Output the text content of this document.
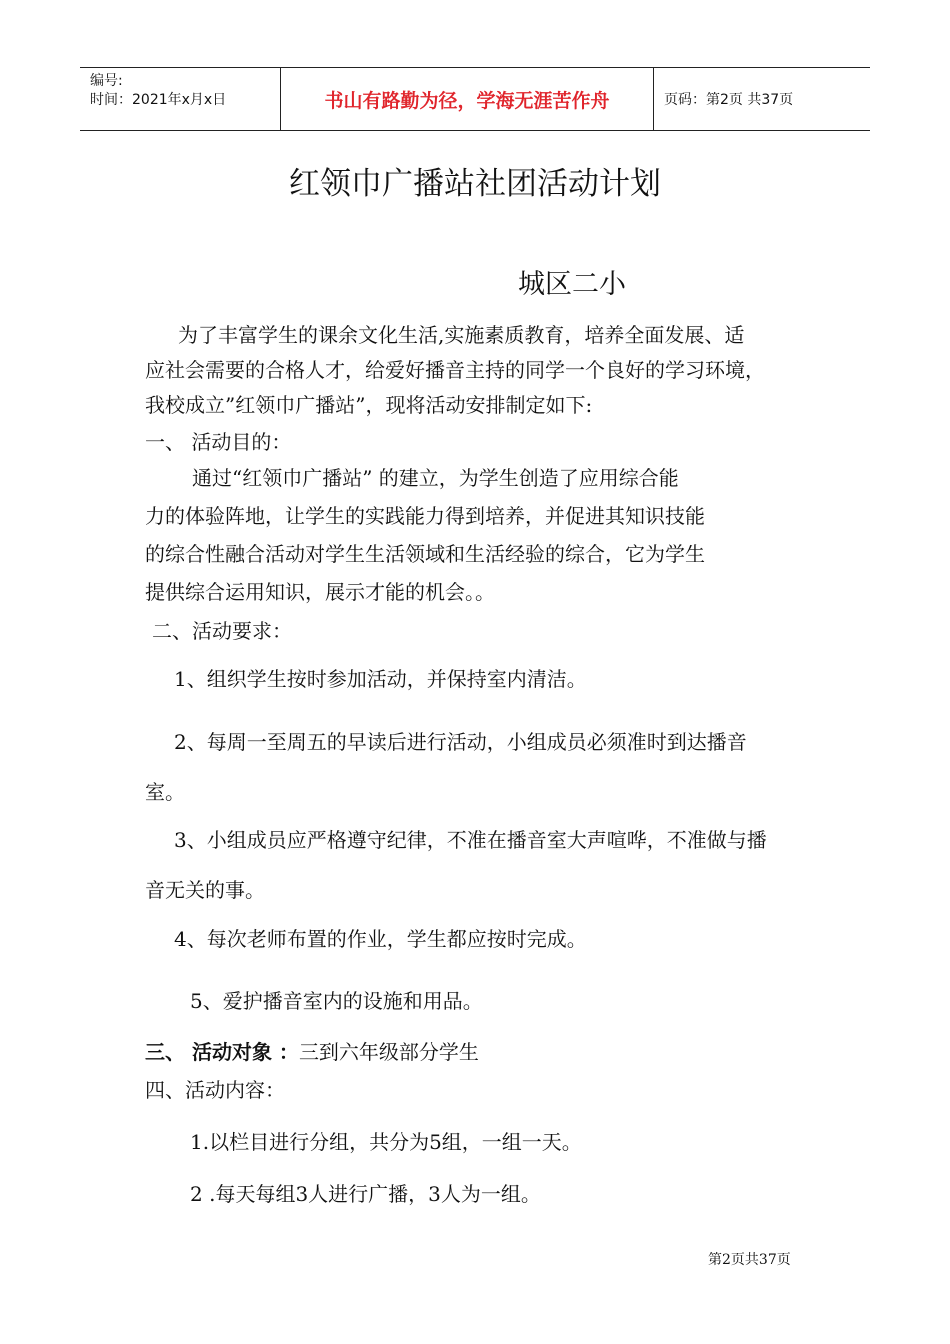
编号:
时间：2021年x月x日	书山有路勤为径，学海无涯苦作舟	页码：第2页 共37页
红领巾广播站社团活动计划
城区二小
为了丰富学生的课余文化生活,实施素质教育，培养全面发展、适
应社会需要的合格人才，给爱好播音主持的同学一个良好的学习环境，
我校成立”红领巾广播站”，现将活动安排制定如下:
一、 活动目的：
通过“红领巾广播站” 的建立，为学生创造了应用综合能
力的体验阵地，让学生的实践能力得到培养，并促进其知识技能
的综合性融合活动对学生生活领域和生活经验的综合，它为学生
提供综合运用知识，展示才能的机会。。
二、活动要求：
1、组织学生按时参加活动，并保持室内清洁。
2、每周一至周五的早读后进行活动，小组成员必须准时到达播音
室。
3、小组成员应严格遵守纪律，不准在播音室大声喧哗，不准做与播
音无关的事。
4、每次老师布置的作业，学生都应按时完成。
5、爱护播音室内的设施和用品。
三、 活动对象 ：三到六年级部分学生
四、活动内容：
1.以栏目进行分组，共分为5组，一组一天。
2 .每天每组3人进行广播，3人为一组。
第2页共37页
